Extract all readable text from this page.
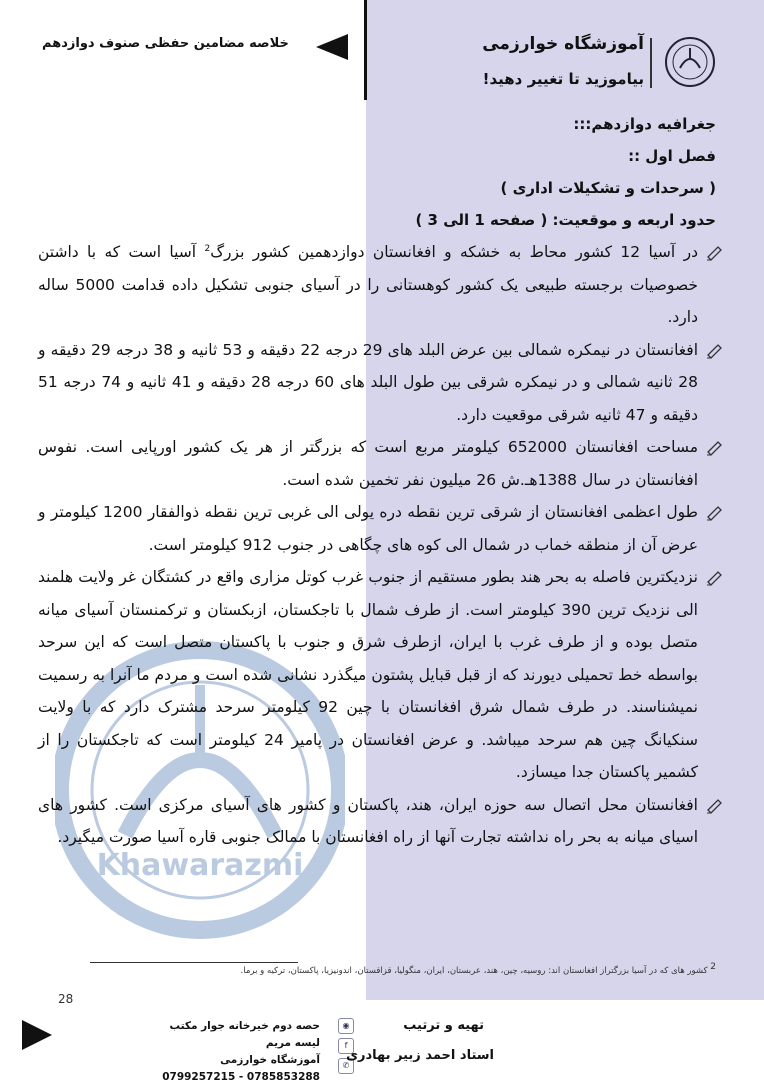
آموزشگاه خوارزمی
بیاموزید تا تغییر دهید!
خلاصه مضامین حفظی صنوف دوازدهم
جغرافیه دوازدهم:::
فصل اول ::
( سرحدات و تشکیلات اداری )
حدود اربعه و موقعیت: ( صفحه 1 الی 3 )
Khawarazmi

در آسیا 12 کشور محاط به خشکه و افغانستان دوازدهمین کشور بزرگ$^2$ آسیا است که با داشتن خصوصیات برجسته طبیعی یک کشور کوهستانی را در آسیای جنوبی تشکیل داده قدامت 5000 ساله دارد.

افغانستان در نیمکره شمالی بین عرض البلد های 29 درجه 22 دقیقه و 53 ثانیه و 38 درجه 29 دقیقه و 28 ثانیه شمالی و در نیمکره شرقی بین طول البلد های 60 درجه 28 دقیقه و 41 ثانیه و 74 درجه 51 دقیقه و 47 ثانیه شرقی موقعیت دارد.

مساحت افغانستان 652000 کیلومتر مربع است که بزرگتر از هر یک کشور اورپایی است. نفوس افغانستان در سال 1388هـ.ش 26 میلیون نفر تخمین شده است.

طول اعظمی افغانستان از شرقی ترین نقطه دره یولی الی غربی ترین نقطه ذوالفقار 1200 کیلومتر و عرض آن از منطقه خماب در شمال الی کوه های چگاهی در جنوب 912 کیلومتر است.

نزدیکترین فاصله به بحر هند بطور مستقیم از جنوب غرب کوتل مزاری واقع در کشتگان غر ولایت هلمند الی نزدیک ترین 390 کیلومتر است. از طرف شمال با تاجکستان، ازبکستان و ترکمنستان آسیای میانه متصل بوده و از طرف غرب با ایران، ازطرف شرق و جنوب با پاکستان متصل است که این سرحد بواسطه خط تحمیلی دیورند که از قبل قبایل پشتون میگذرد نشانی شده است و مردم ما آنرا به رسمیت نمیشناسند. در طرف شمال شرق افغانستان با چین 92 کیلومتر سرحد مشترک دارد که با ولایت سنکیانگ چین هم سرحد میباشد. و عرض افغانستان در پامیر 24 کیلومتر است که تاجکستان را از کشمیر پاکستان جدا میسازد.

افغانستان محل اتصال سه حوزه ایران، هند، پاکستان و کشور های آسیای مرکزی است. کشور های اسیای میانه به بحر راه نداشته تجارت آنها از راه افغانستان با ممالک جنوبی قاره آسیا صورت میگیرد.

$^2$ کشور های که در آسیا بزرگتراز افغانستان اند: روسیه، چین، هند، عربستان، ایران، منگولیا، قزاقستان، اندونیزیا، پاکستان، ترکیه و برما.
28
حصه دوم خیرخانه جوار مکتب لیسه مریم
آموزشگاه خوارزمی
0799257215 - 0785853288
◉
f
✆
تهیه و ترتیب
استاد احمد زبیر بهادری
